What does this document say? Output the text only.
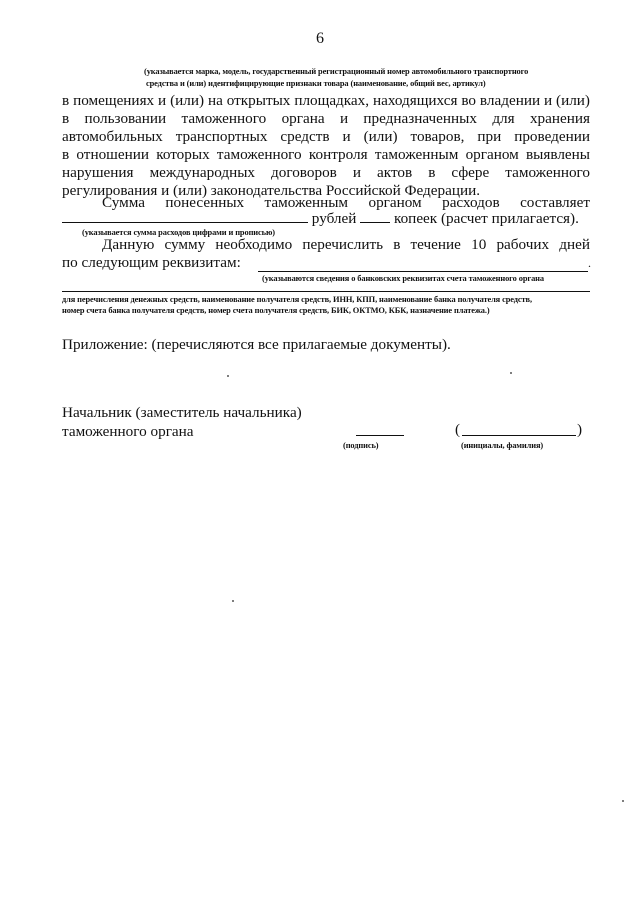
6
(указывается марка, модель, государственный регистрационный номер автомобильного транспортного
средства и (или) идентифицирующие признаки товара (наименование, общий вес, артикул)
в помещениях и (или) на открытых площадках, находящихся во владении и (или)
в пользовании таможенного органа и предназначенных для хранения
автомобильных транспортных средств и (или) товаров, при проведении
в отношении которых таможенного контроля таможенным органом выявлены
нарушения международных договоров и актов в сфере таможенного
регулирования и (или) законодательства Российской Федерации.
Сумма понесенных таможенным органом расходов составляет
рублей копеек (расчет прилагается).
(указывается сумма расходов цифрами и прописью)
Данную сумму необходимо перечислить в течение 10 рабочих дней
по следующим реквизитам:	.
(указываются сведения о банковских реквизитах счета таможенного органа
для перечисления денежных средств, наименование получателя средств, ИНН, КПП, наименование банка получателя средств,
номер счета банка получателя средств, номер счета получателя средств, БИК, ОКТМО, КБК, назначение платежа.)
Приложение: (перечисляются все прилагаемые документы).
Начальник (заместитель начальника)
таможенного органа	(	)
(подпись)	(инициалы, фамилия)
